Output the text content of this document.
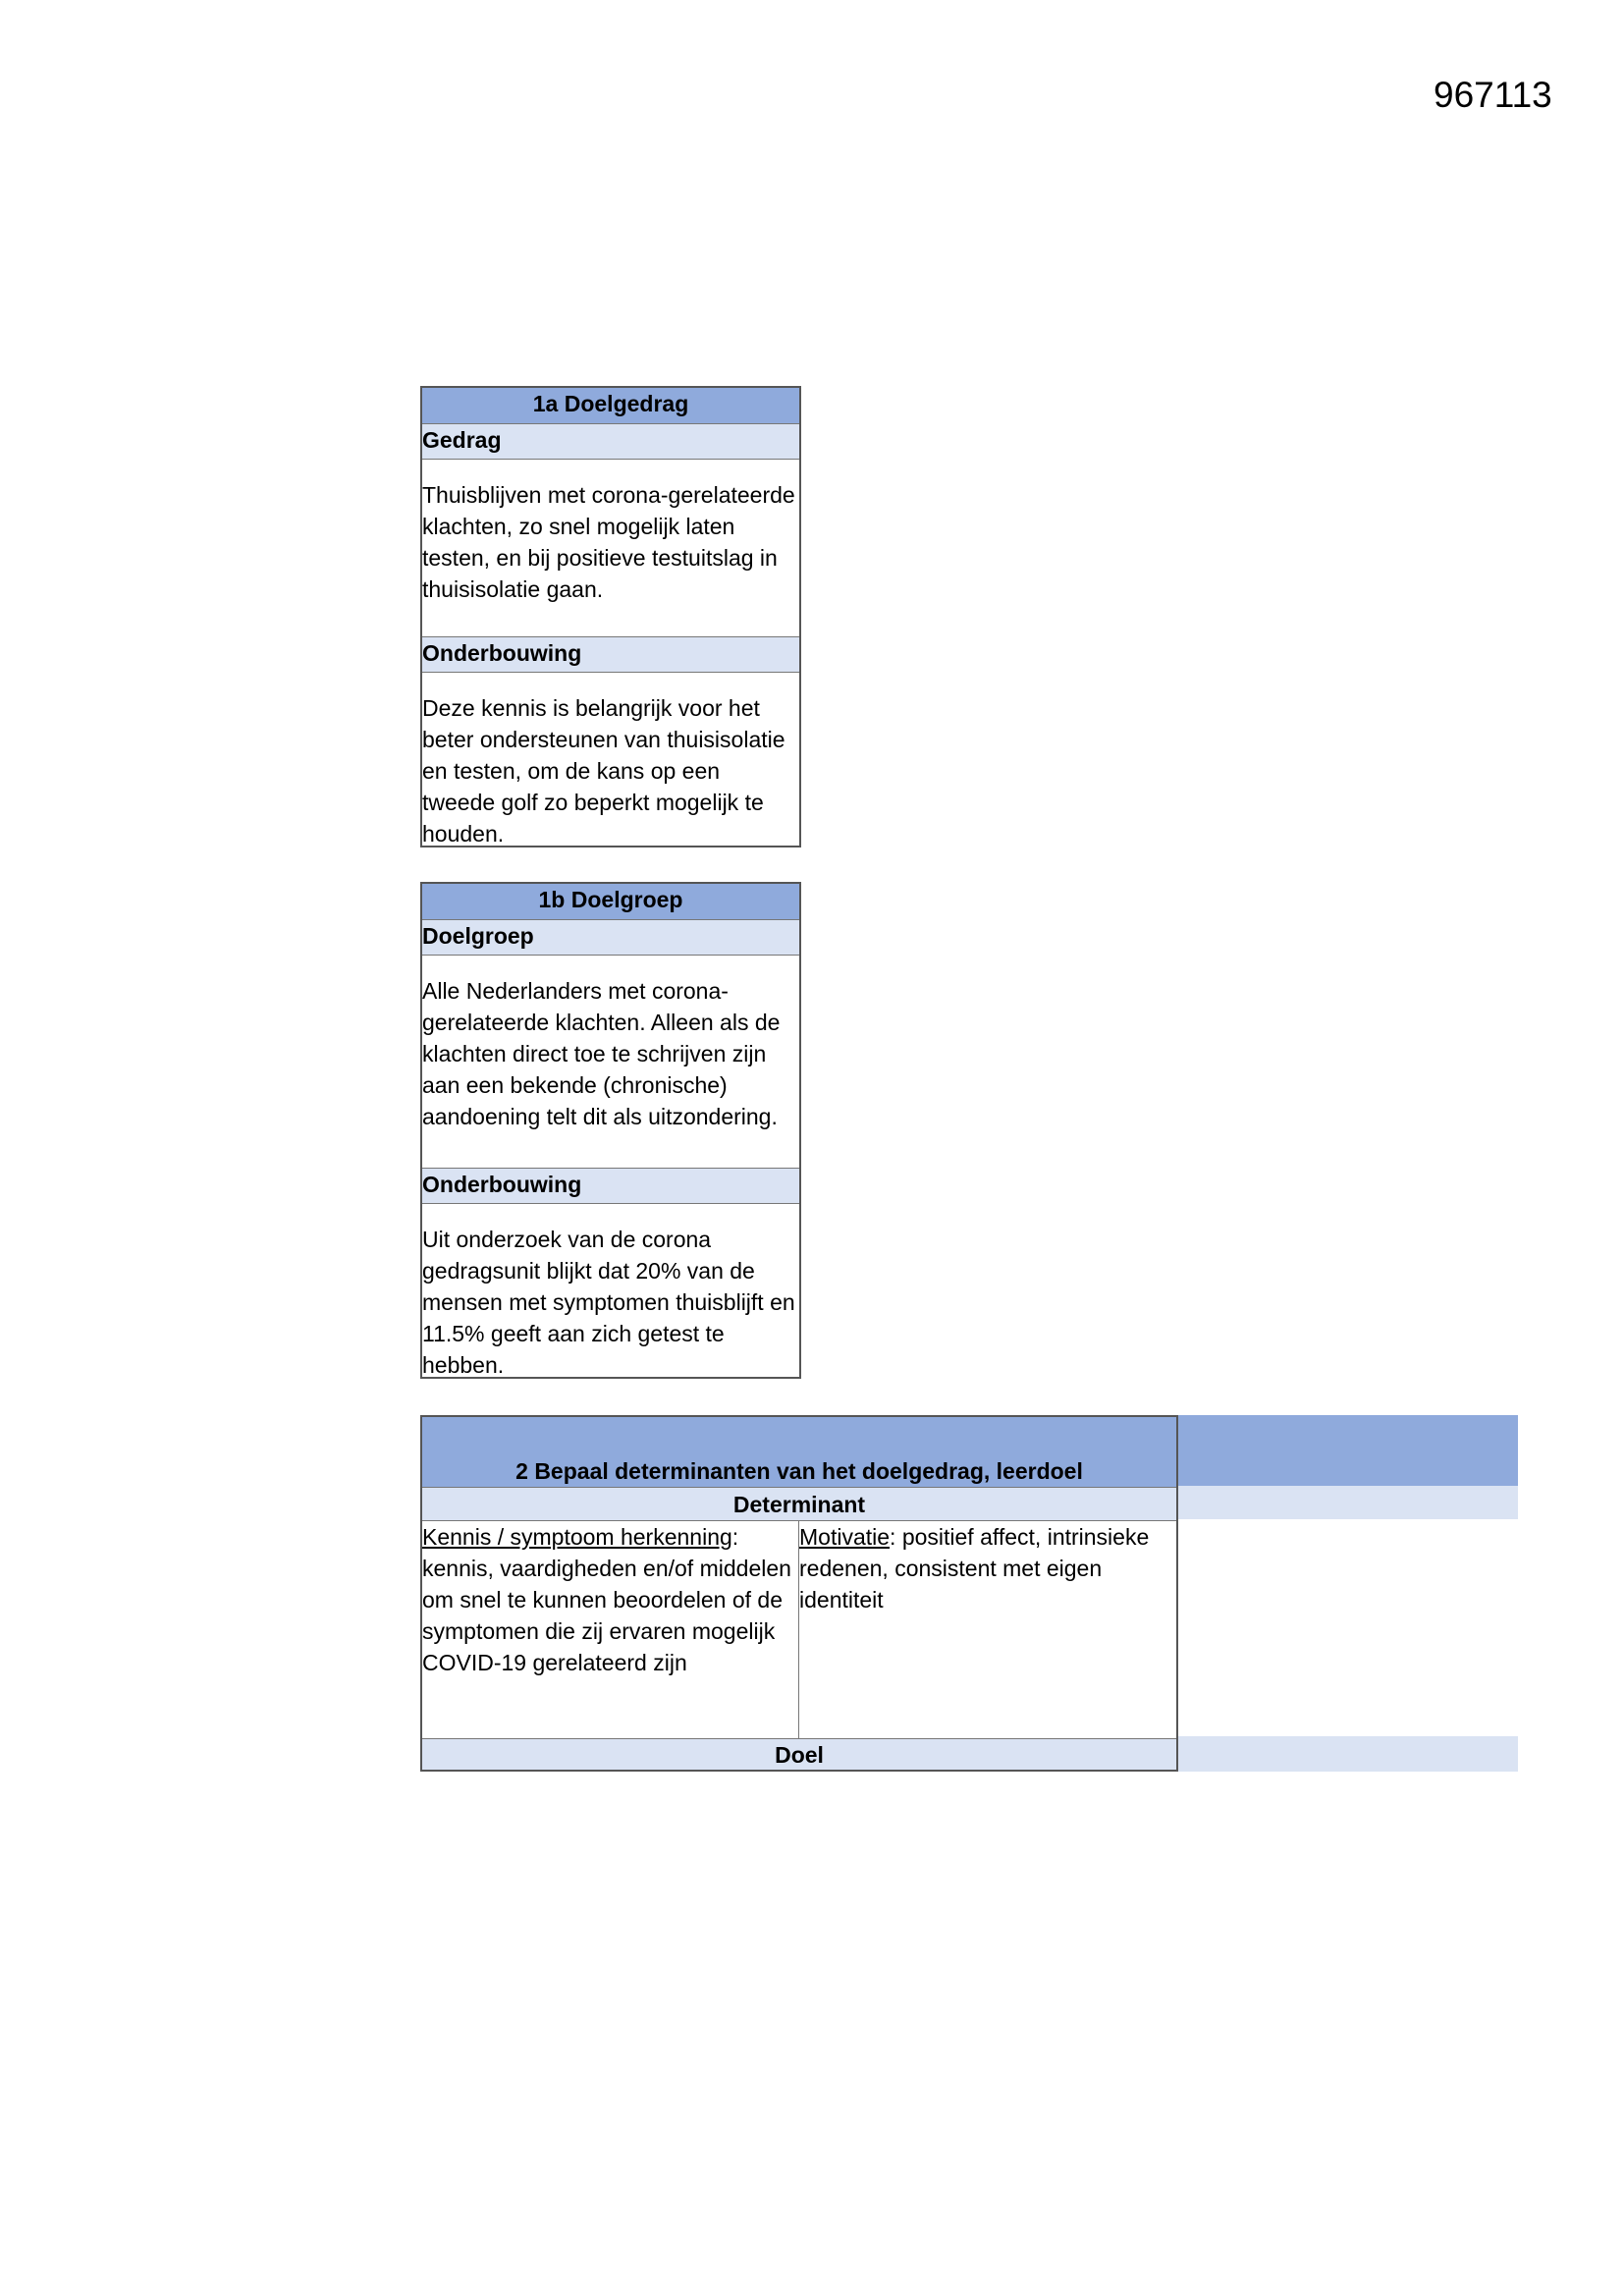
967113
1a Doelgedrag
Gedrag
Thuisblijven met corona-gerelateerde klachten, zo snel mogelijk laten testen, en bij positieve testuitslag in thuisisolatie gaan.
Onderbouwing
Deze kennis is belangrijk voor het beter ondersteunen van thuisisolatie en testen, om de kans op een tweede golf zo beperkt mogelijk te houden.
1b Doelgroep
Doelgroep
Alle Nederlanders met corona-gerelateerde klachten. Alleen als de klachten direct toe te schrijven zijn aan een bekende (chronische) aandoening telt dit als uitzondering.
Onderbouwing
Uit onderzoek van de corona gedragsunit blijkt dat 20% van de mensen met symptomen thuisblijft en 11.5% geeft aan zich getest te hebben.
2 Bepaal determinanten van het doelgedrag, leerdoel
Determinant
Kennis / symptoom herkenning: kennis, vaardigheden en/of middelen om snel te kunnen beoordelen of de symptomen die zij ervaren mogelijk COVID-19 gerelateerd zijn
Motivatie: positief affect, intrinsieke redenen, consistent met eigen identiteit
Doel
